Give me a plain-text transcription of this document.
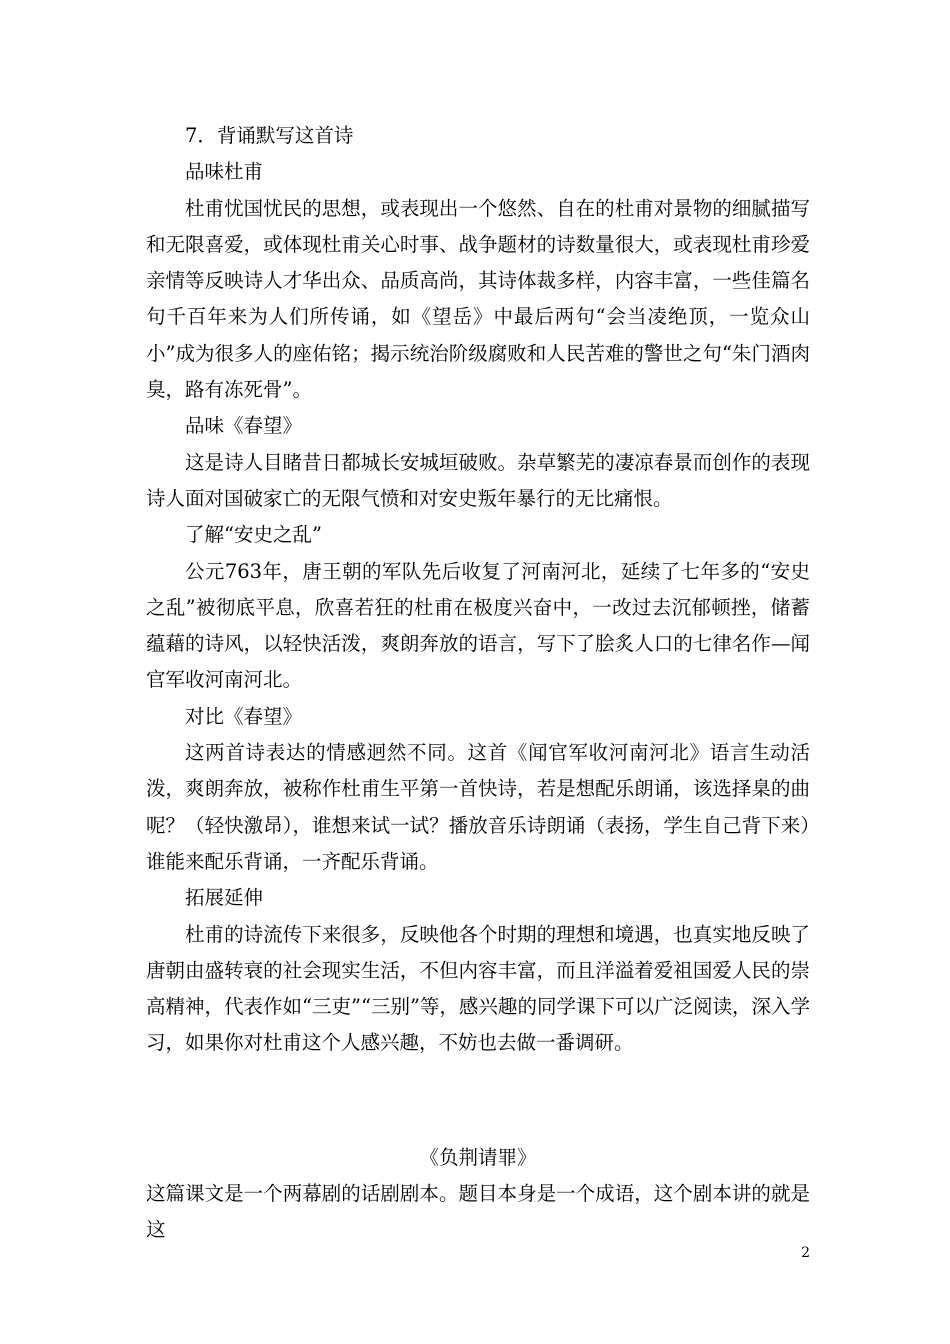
7．背诵默写这首诗

品味杜甫

杜甫忧国忧民的思想，或表现出一个悠然、自在的杜甫对景物的细腻描写和无限喜爱，或体现杜甫关心时事、战争题材的诗数量很大，或表现杜甫珍爱亲情等反映诗人才华出众、品质高尚，其诗体裁多样，内容丰富，一些佳篇名句千百年来为人们所传诵，如《望岳》中最后两句“会当凌绝顶，一览众山小”成为很多人的座佑铭；揭示统治阶级腐败和人民苦难的警世之句“朱门酒肉臭，路有冻死骨”。

品味《春望》

这是诗人目睹昔日都城长安城垣破败。杂草繁芜的凄凉春景而创作的表现诗人面对国破家亡的无限气愤和对安史叛年暴行的无比痛恨。

了解“安史之乱”

公元763年，唐王朝的军队先后收复了河南河北，延续了七年多的“安史之乱”被彻底平息，欣喜若狂的杜甫在极度兴奋中，一改过去沉郁顿挫，储蓄蕴藉的诗风，以轻快活泼，爽朗奔放的语言，写下了脍炙人口的七律名作—闻官军收河南河北。

对比《春望》

这两首诗表达的情感迥然不同。这首《闻官军收河南河北》语言生动活泼，爽朗奔放，被称作杜甫生平第一首快诗，若是想配乐朗诵，该选择臬的曲呢？（轻快激昂），谁想来试一试？播放音乐诗朗诵（表扬，学生自己背下来）谁能来配乐背诵，一齐配乐背诵。

拓展延伸

杜甫的诗流传下来很多，反映他各个时期的理想和境遇，也真实地反映了唐朝由盛转衰的社会现实生活，不但内容丰富，而且洋溢着爱祖国爱人民的崇高精神，代表作如“三吏”“三别”等，感兴趣的同学课下可以广泛阅读，深入学习，如果你对杜甫这个人感兴趣，不妨也去做一番调研。

《负荆请罪》

这篇课文是一个两幕剧的话剧剧本。题目本身是一个成语，这个剧本讲的就是这

2
